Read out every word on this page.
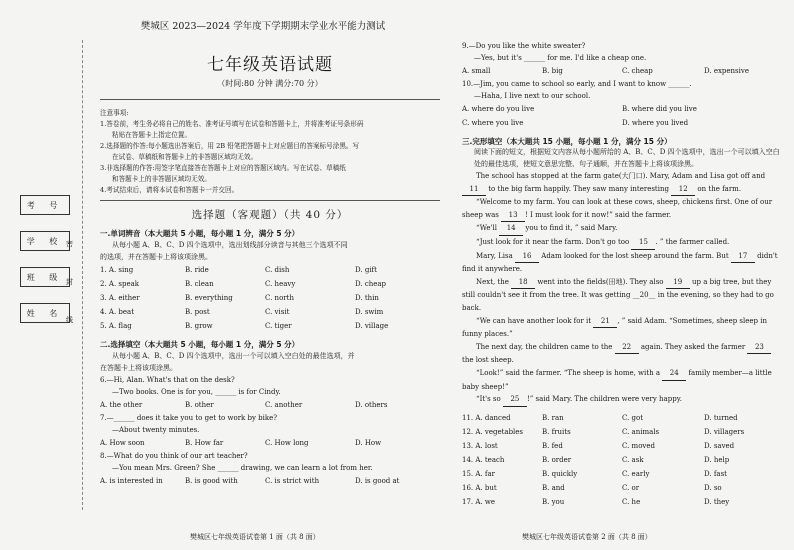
考 号
学 校
班 级
姓 名
密
封
线
樊城区 2023—2024 学年度下学期期末学业水平能力测试
七年级英语试题
（时间:80 分钟 满分:70 分）
注意事项:
1.答卷前，考生务必将自己的姓名、准考证号填写在试卷和答题卡上，并将准考证号条形码
粘贴在答题卡上指定位置。
2.选择题的作答:每小题选出答案后，用 2B 铅笔把答题卡上对应题目的答案标号涂黑。写
在试卷、草稿纸和答题卡上的非答题区域均无效。
3.非选择题的作答:用签字笔直接答在答题卡上对应的答题区域内。写在试卷、草稿纸
和答题卡上的非答题区域均无效。
4.考试结束后，请将本试卷和答题卡一并交回。
选择题（客观题）（共 40 分）
一.单词辨音（本大题共 5 小题，每小题 1 分，满分 5 分）
从每小题 A、B、C、D 四个选项中，选出划线部分读音与其他三个选项不同
的选项，并在答题卡上将该项涂黑。
1. A. sing	B. ride	C. dish	D. gift
2. A. speak	B. clean	C. heavy	D. cheap
3. A. either	B. everything	C. north	D. thin
4. A. beat	B. post	C. visit	D. swim
5. A. flag	B. grow	C. tiger	D. village
二.选择填空（本大题共 5 小题，每小题 1 分，满分 5 分）
从每小题 A、B、C、D 四个选项中，选出一个可以填入空白处的最佳选项，并
在答题卡上将该项涂黑。
6.—Hi, Alan. What's that on the desk?
—Two books. One is for you, ______ is for Cindy.
A. the other	B. other	C. another	D. others
7.—______ does it take you to get to work by bike?
—About twenty minutes.
A. How soon	B. How far	C. How long	D. How
8.—What do you think of our art teacher?
—You mean Mrs. Green? She ______ drawing, we can learn a lot from her.
A. is interested in	B. is good with	C. is strict with	D. is good at
樊城区七年级英语试卷第 1 面（共 8 面）
9.—Do you like the white sweater?
—Yes, but it's ______ for me. I'd like a cheap one.
A. small	B. big	C. cheap	D. expensive
10.—Jim, you came to school so early, and I want to know ______.
—Haha, I live next to our school.
A. where do you live	B. where did you live
C. where you live	D. where you lived
三.完形填空（本大题共 15 小题，每小题 1 分，满分 15 分）
阅读下面的短文，根据短文内容从每小题所给的 A、B、C、D 四个选项中，选出一个可以填入空白处的最佳选项，使短文意思完整、句子通顺，并在答题卡上将该项涂黑。

The school has stopped at the farm gate(大门口). Mary, Adam and Lisa got off and 11 to the big farm happily. They saw many interesting 12 on the farm.

“Welcome to my farm. You can look at these cows, sheep, chickens first. One of our sheep was 13 ! I must look for it now!” said the farmer.

“We'll 14 you to find it, ” said Mary.

“Just look for it near the farm. Don't go too 15 . ” the farmer called.

Mary, Lisa 16 Adam looked for the lost sheep around the farm. But 17 didn't find it anywhere.

Next, the 18 went into the fields(田地). They also 19 up a big tree, but they still couldn't see it from the tree. It was getting __20__ in the evening, so they had to go back.

“We can have another look for it 21 , ” said Adam. “Sometimes, sheep sleep in funny places.”

The next day, the children came to the 22 again. They asked the farmer 23 the lost sheep.

“Look!” said the farmer. “The sheep is home, with a 24 family member—a little baby sheep!”

“It's so 25 !” said Mary. The children were very happy.

11. A. danced	B. ran	C. got	D. turned
12. A. vegetables	B. fruits	C. animals	D. villagers
13. A. lost	B. fed	C. moved	D. saved
14. A. teach	B. order	C. ask	D. help
15. A. far	B. quickly	C. early	D. fast
16. A. but	B. and	C. or	D. so
17. A. we	B. you	C. he	D. they
樊城区七年级英语试卷第 2 面（共 8 面）
